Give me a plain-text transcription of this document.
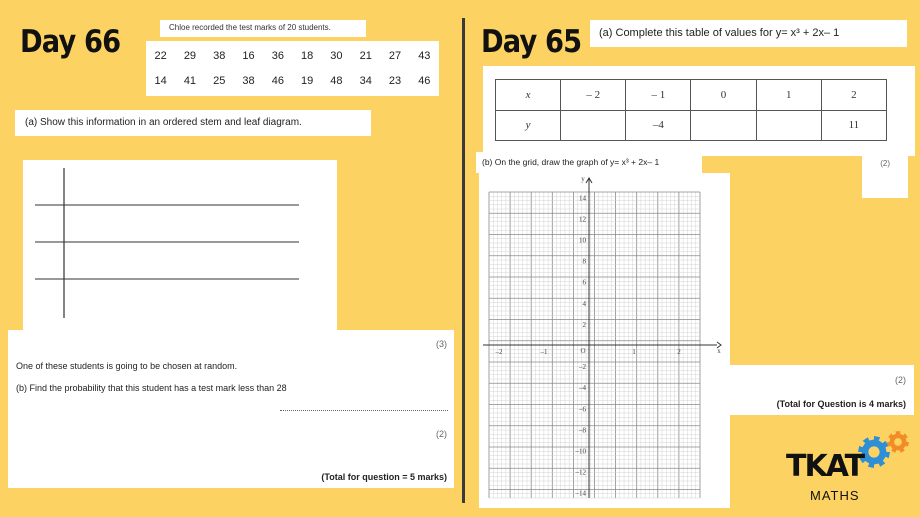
Day 66	Chloe recorded the test marks of 20 students.
22 29 38 16 36 18 30 21 27 43
14 41 25 38 46 19 48 34 23 46
(a) Show this information in an ordered stem and leaf diagram.
(3)
One of these students is going to be chosen at random.
(b) Find the probability that this student has a test mark less than 28
(2)
(Total for question = 5 marks)
Day 65 (a) Complete this table of values for y= x³ + 2x– 1
x	– 2	– 1	0	1	2
y		–4			11
(2)
(b) On the grid, draw the graph of y= x³ + 2x– 1
y
x
O
–2	–1	1	2
14
12
10
8
6
4
2
–2
–4
–6
–8
–10
–12
–14
(2)
(Total for Question is 4 marks)
TKAT
MATHS
